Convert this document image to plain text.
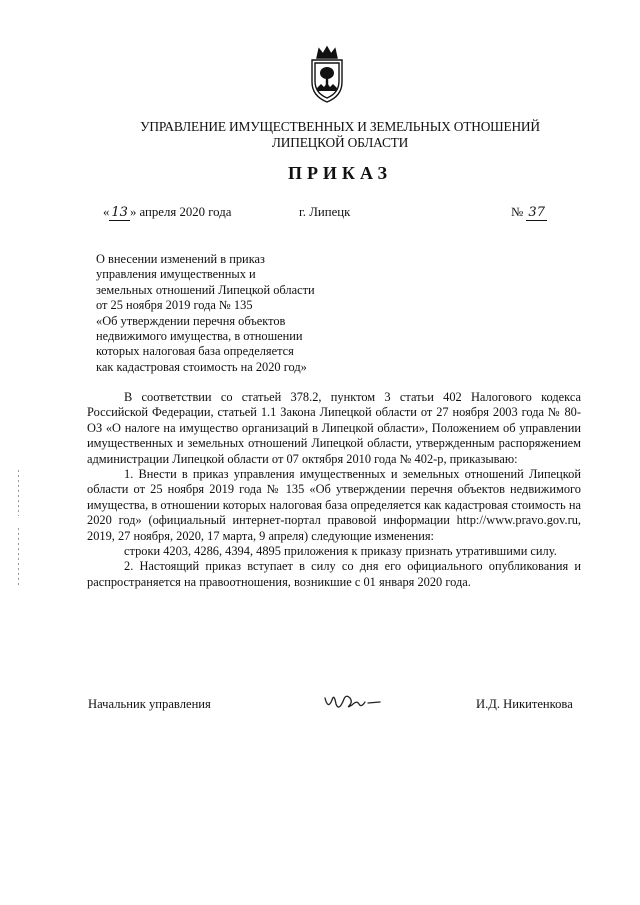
УПРАВЛЕНИЕ ИМУЩЕСТВЕННЫХ И ЗЕМЕЛЬНЫХ ОТНОШЕНИЙ
ЛИПЕЦКОЙ ОБЛАСТИ
ПРИКАЗ
« 13 » апреля 2020 года	г. Липецк	№ 37
О внесении изменений в приказ
управления имущественных и
земельных отношений Липецкой области
от 25 ноября 2019 года № 135
«Об утверждении перечня объектов
недвижимого имущества, в отношении
которых налоговая база определяется
как кадастровая стоимость на 2020 год»

В соответствии со статьей 378.2, пунктом 3 статьи 402 Налогового кодекса Российской Федерации, статьей 1.1 Закона Липецкой области от 27 ноября 2003 года № 80-ОЗ «О налоге на имущество организаций в Липецкой области», Положением об управлении имущественных и земельных отношений Липецкой области, утвержденным распоряжением администрации Липецкой области от 07 октября 2010 года № 402-р, приказываю:

1. Внести в приказ управления имущественных и земельных отношений Липецкой области от 25 ноября 2019 года № 135 «Об утверждении перечня объектов недвижимого имущества, в отношении которых налоговая база определяется как кадастровая стоимость на 2020 год» (официальный интернет-портал правовой информации http://www.pravo.gov.ru, 2019, 27 ноября, 2020, 17 марта, 9 апреля) следующие изменения:

строки 4203, 4286, 4394, 4895 приложения к приказу признать утратившими силу.

2. Настоящий приказ вступает в силу со дня его официального опубликования и распространяется на правоотношения, возникшие с 01 января 2020 года.

Начальник управления	И.Д. Никитенкова
